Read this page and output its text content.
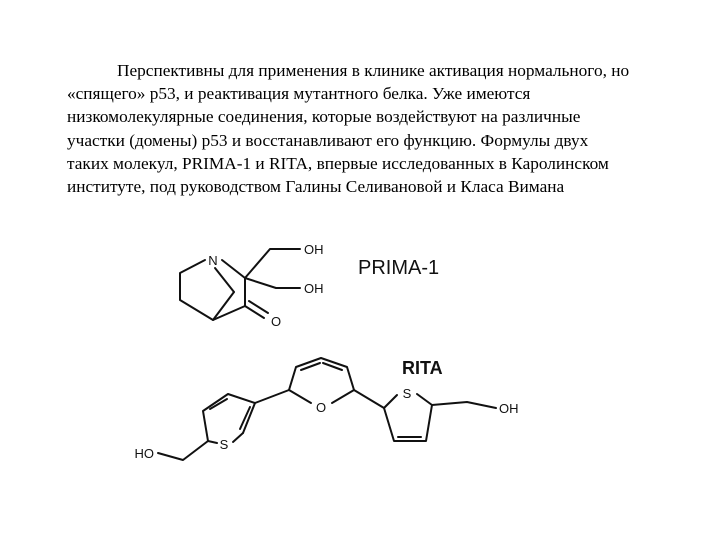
Перспективны для применения в клинике активация нормального, но
«спящего» p53, и реактивация мутантного белка. Уже имеются
низкомолекулярные соединения, которые воздействуют на различные
участки (домены) p53 и восстанавливают его функцию. Формулы двух
таких молекул, PRIMA-1 и RITA, впервые исследованных в Каролинском
институте, под руководством Галины Селивановой и Класа Вимана
N
OH
OH
O
PRIMA-1
S
O
S
OH
HO
RITA
